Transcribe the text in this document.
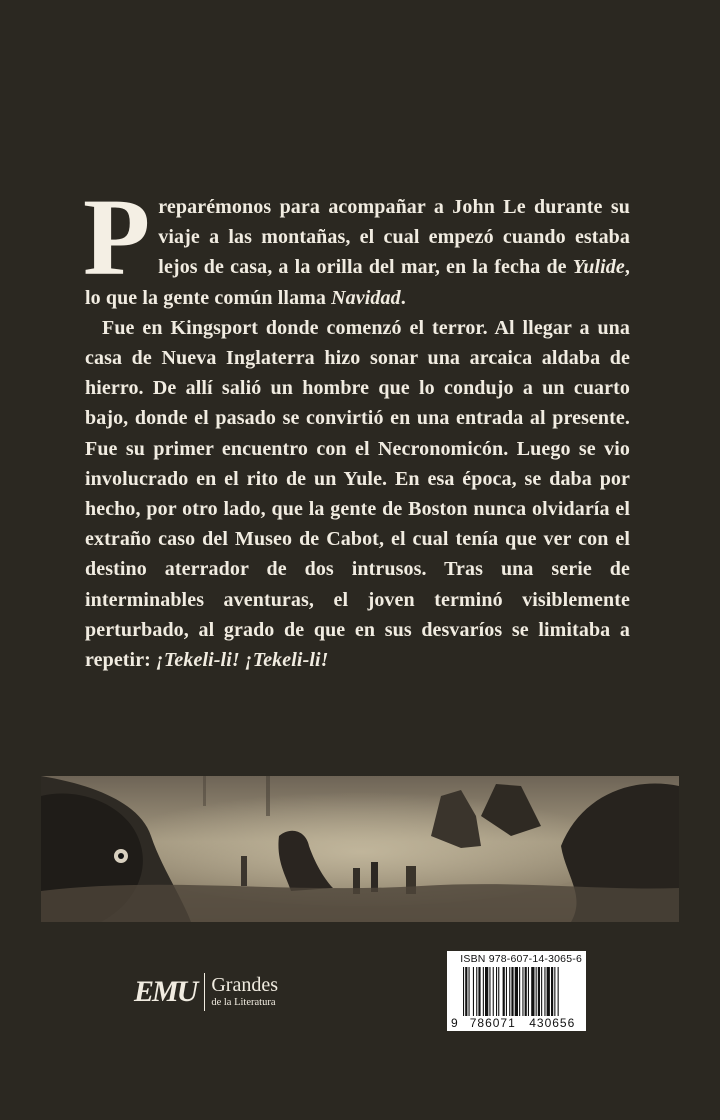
Preparémonos para acompañar a John Le durante su viaje a las montañas, el cual empezó cuando estaba lejos de casa, a la orilla del mar, en la fecha de Yulide, lo que la gente común llama Navidad.

Fue en Kingsport donde comenzó el terror. Al llegar a una casa de Nueva Inglaterra hizo sonar una arcaica aldaba de hierro. De allí salió un hombre que lo condujo a un cuarto bajo, donde el pasado se convirtió en una entrada al presente. Fue su primer encuentro con el Necronomicón. Luego se vio involucrado en el rito de un Yule. En esa época, se daba por hecho, por otro lado, que la gente de Boston nunca olvidaría el extraño caso del Museo de Cabot, el cual tenía que ver con el destino aterrador de dos intrusos. Tras una serie de interminables aventuras, el joven terminó visiblemente perturbado, al grado de que en sus desvaríos se limitaba a repetir: ¡Tekeli-li! ¡Tekeli-li!

EMU Grandes
de la Literatura
ISBN 978-607-14-3065-6
9	786071	430656
